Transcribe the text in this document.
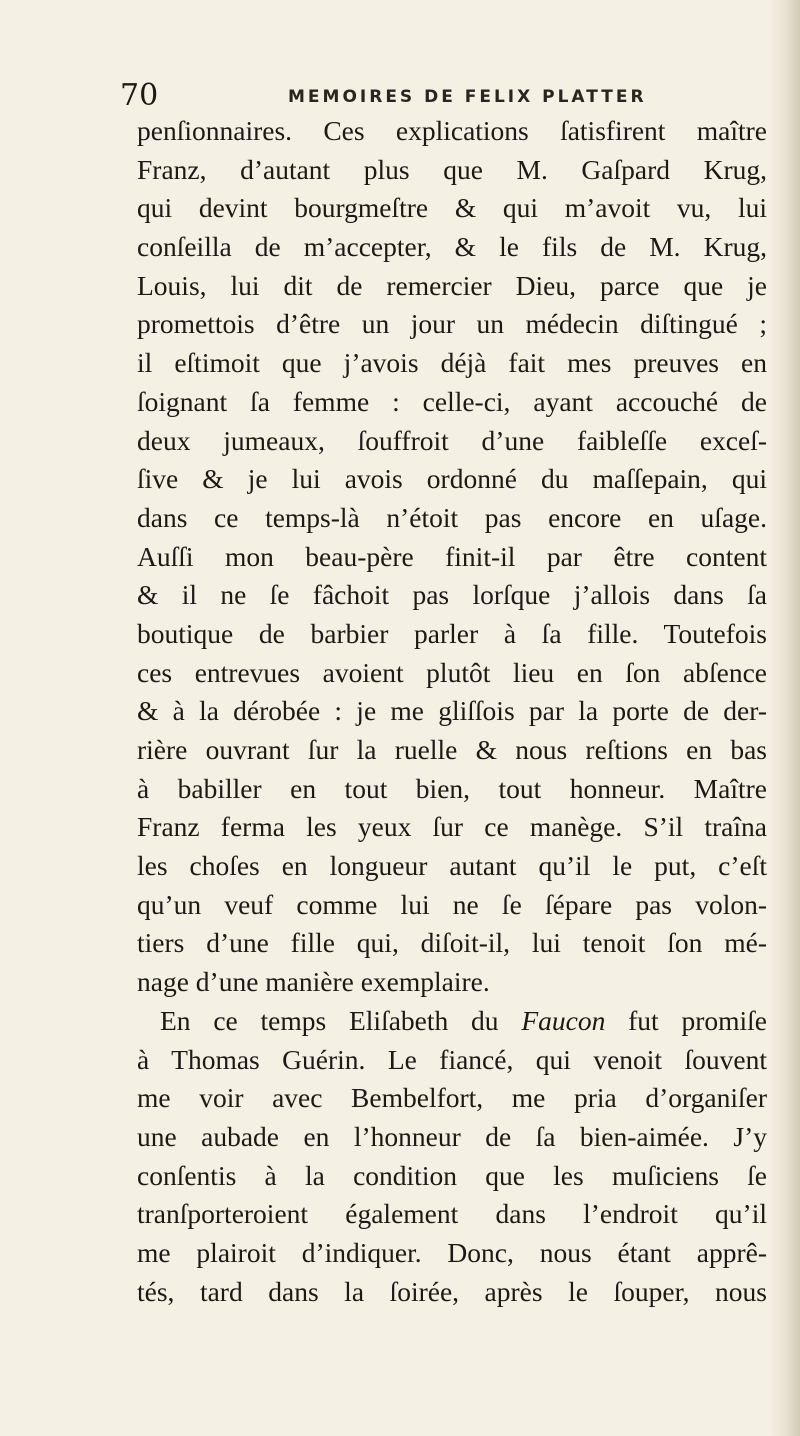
70	MEMOIRES DE FELIX PLATTER
penſionnaires. Ces explications ſatisfirent maître
Franz, d’autant plus que M. Gaſpard Krug,
qui devint bourgmeſtre & qui m’avoit vu, lui
conſeilla de m’accepter, & le fils de M. Krug,
Louis, lui dit de remercier Dieu, parce que je
promettois d’être un jour un médecin diſtingué ;
il eſtimoit que j’avois déjà fait mes preuves en
ſoignant ſa femme : celle-ci, ayant accouché de
deux jumeaux, ſouffroit d’une faibleſſe exceſ-
ſive & je lui avois ordonné du maſſepain, qui
dans ce temps-là n’étoit pas encore en uſage.
Auſſi mon beau-père finit-il par être content
& il ne ſe fâchoit pas lorſque j’allois dans ſa
boutique de barbier parler à ſa fille. Toutefois
ces entrevues avoient plutôt lieu en ſon abſence
& à la dérobée : je me gliſſois par la porte de der-
rière ouvrant ſur la ruelle & nous reſtions en bas
à babiller en tout bien, tout honneur. Maître
Franz ferma les yeux ſur ce manège. S’il traîna
les choſes en longueur autant qu’il le put, c’eſt
qu’un veuf comme lui ne ſe ſépare pas volon-
tiers d’une fille qui, diſoit-il, lui tenoit ſon mé-
nage d’une manière exemplaire.
En ce temps Eliſabeth du Faucon fut promiſe
à Thomas Guérin. Le fiancé, qui venoit ſouvent
me voir avec Bembelfort, me pria d’organiſer
une aubade en l’honneur de ſa bien-aimée. J’y
conſentis à la condition que les muſiciens ſe
tranſporteroient également dans l’endroit qu’il
me plairoit d’indiquer. Donc, nous étant apprê-
tés, tard dans la ſoirée, après le ſouper, nous
